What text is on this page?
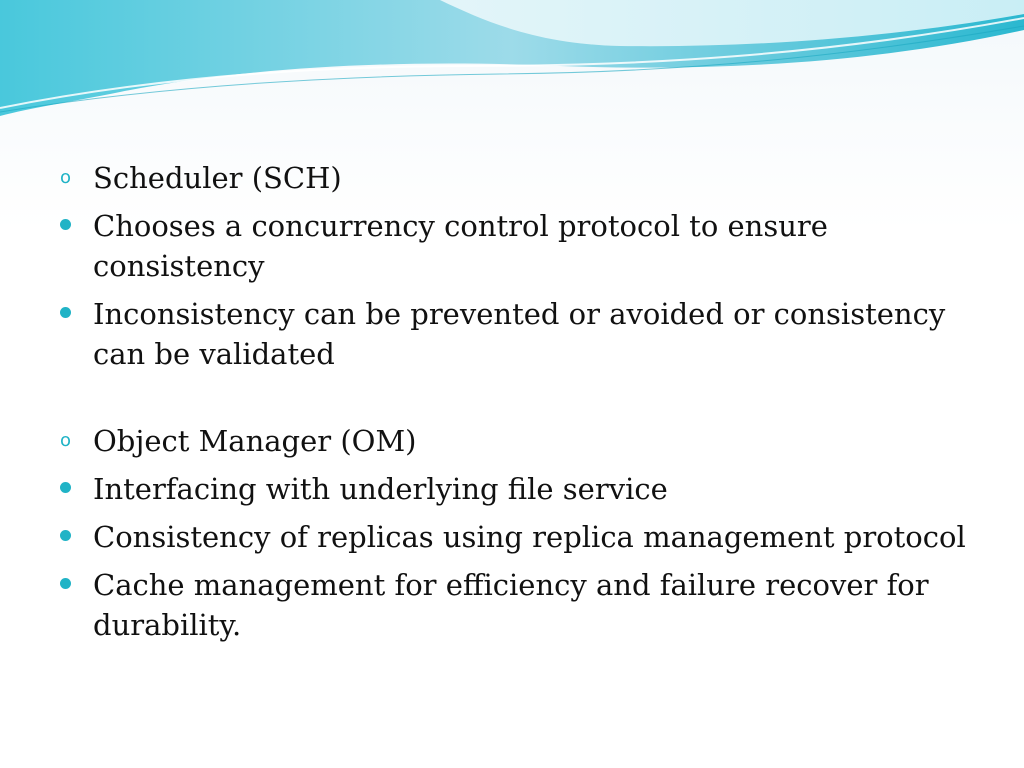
o Scheduler (SCH)
Chooses a concurrency control protocol to ensure consistency
Inconsistency can be prevented or avoided or consistency can be validated
o Object Manager (OM)
Interfacing with underlying file service
Consistency of replicas using replica management protocol
Cache management for efficiency and failure recover for durability.
